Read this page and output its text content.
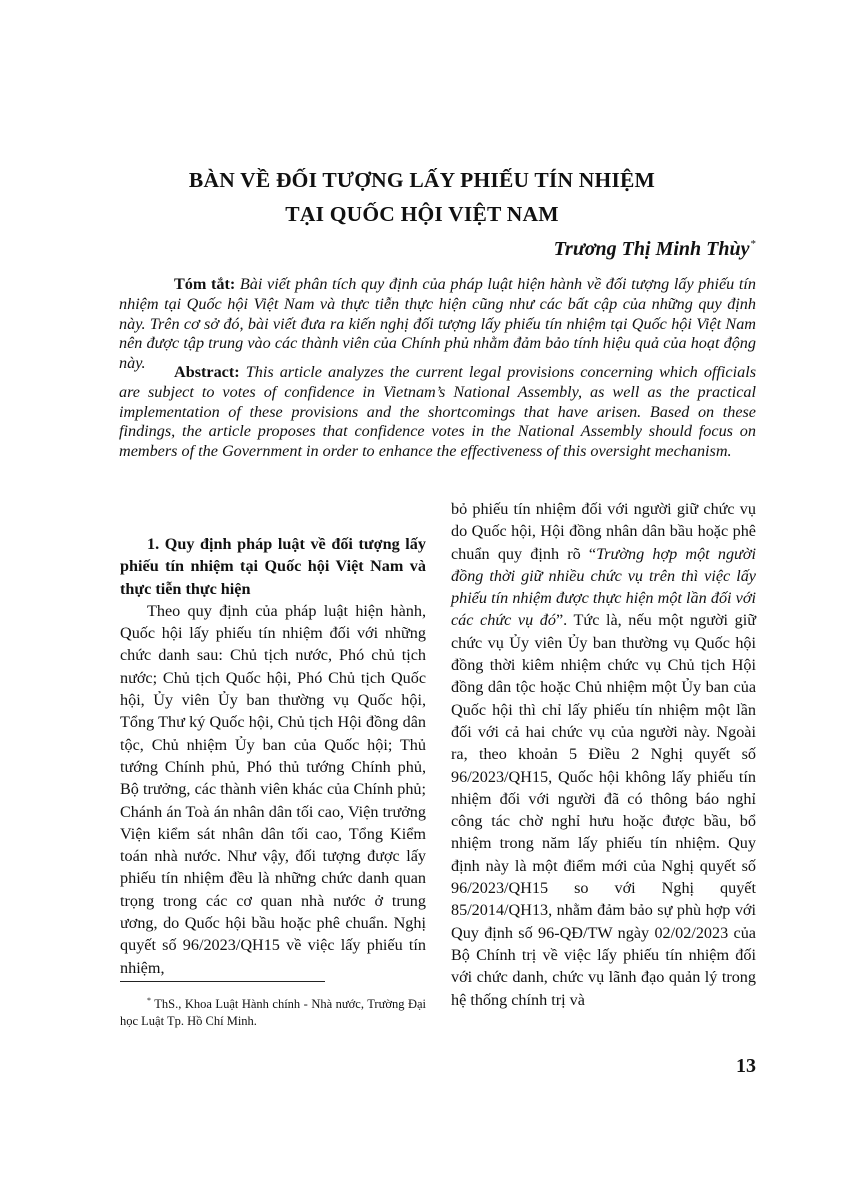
BÀN VỀ ĐỐI TƯỢNG LẤY PHIẾU TÍN NHIỆM
TẠI QUỐC HỘI VIỆT NAM
Trương Thị Minh Thùy*
Tóm tắt: Bài viết phân tích quy định của pháp luật hiện hành về đối tượng lấy phiếu tín nhiệm tại Quốc hội Việt Nam và thực tiễn thực hiện cũng như các bất cập của những quy định này. Trên cơ sở đó, bài viết đưa ra kiến nghị đối tượng lấy phiếu tín nhiệm tại Quốc hội Việt Nam nên được tập trung vào các thành viên của Chính phủ nhằm đảm bảo tính hiệu quả của hoạt động này.	Abstract: This article analyzes the current legal provisions concerning which officials are subject to votes of confidence in Vietnam’s National Assembly, as well as the practical implementation of these provisions and the shortcomings that have arisen. Based on these findings, the article proposes that confidence votes in the National Assembly should focus on members of the Government in order to enhance the effectiveness of this oversight mechanism.

1. Quy định pháp luật về đối tượng lấy phiếu tín nhiệm tại Quốc hội Việt Nam và thực tiễn thực hiện

Theo quy định của pháp luật hiện hành, Quốc hội lấy phiếu tín nhiệm đối với những chức danh sau: Chủ tịch nước, Phó chủ tịch nước; Chủ tịch Quốc hội, Phó Chủ tịch Quốc hội, Ủy viên Ủy ban thường vụ Quốc hội, Tổng Thư ký Quốc hội, Chủ tịch Hội đồng dân tộc, Chủ nhiệm Ủy ban của Quốc hội; Thủ tướng Chính phủ, Phó thủ tướng Chính phủ, Bộ trưởng, các thành viên khác của Chính phủ; Chánh án Toà án nhân dân tối cao, Viện trưởng Viện kiểm sát nhân dân tối cao, Tổng Kiểm toán nhà nước. Như vậy, đối tượng được lấy phiếu tín nhiệm đều là những chức danh quan trọng trong các cơ quan nhà nước ở trung ương, do Quốc hội bầu hoặc phê chuẩn. Nghị quyết số 96/2023/QH15 về việc lấy phiếu tín nhiệm,

bỏ phiếu tín nhiệm đối với người giữ chức vụ do Quốc hội, Hội đồng nhân dân bầu hoặc phê chuẩn quy định rõ “Trường hợp một người đồng thời giữ nhiều chức vụ trên thì việc lấy phiếu tín nhiệm được thực hiện một lần đối với các chức vụ đó”. Tức là, nếu một người giữ chức vụ Ủy viên Ủy ban thường vụ Quốc hội đồng thời kiêm nhiệm chức vụ Chủ tịch Hội đồng dân tộc hoặc Chủ nhiệm một Ủy ban của Quốc hội thì chỉ lấy phiếu tín nhiệm một lần đối với cả hai chức vụ của người này. Ngoài ra, theo khoản 5 Điều 2 Nghị quyết số 96/2023/QH15, Quốc hội không lấy phiếu tín nhiệm đối với người đã có thông báo nghỉ công tác chờ nghỉ hưu hoặc được bầu, bổ nhiệm trong năm lấy phiếu tín nhiệm. Quy định này là một điểm mới của Nghị quyết số 96/2023/QH15 so với Nghị quyết 85/2014/QH13, nhằm đảm bảo sự phù hợp với Quy định số 96-QĐ/TW ngày 02/02/2023 của Bộ Chính trị về việc lấy phiếu tín nhiệm đối với chức danh, chức vụ lãnh đạo quản lý trong hệ thống chính trị và

* ThS., Khoa Luật Hành chính - Nhà nước, Trường Đại học Luật Tp. Hồ Chí Minh.
13
